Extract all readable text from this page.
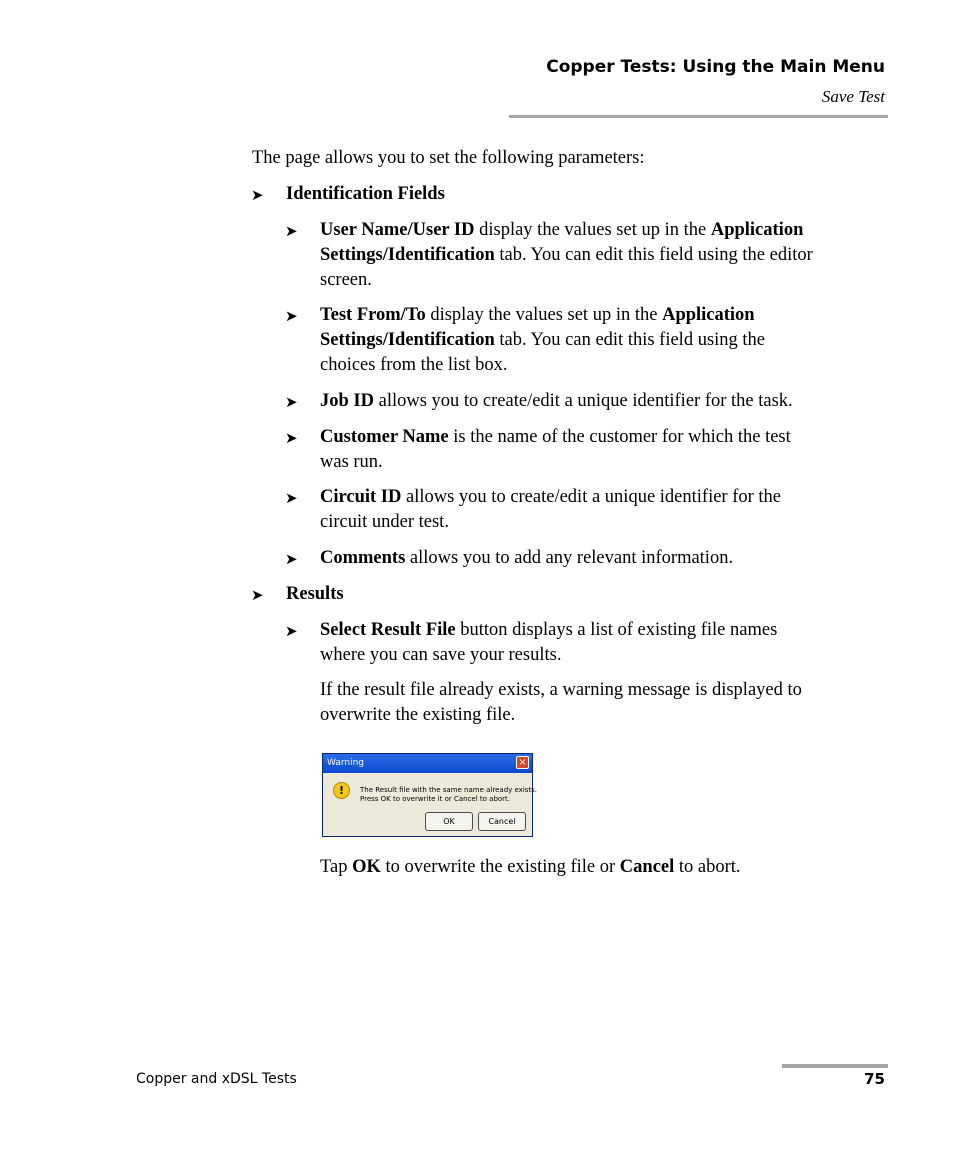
Copper Tests: Using the Main Menu
Save Test
The page allows you to set the following parameters:
➤ Identification Fields
➤ User Name/User ID display the values set up in the Application
Settings/Identification tab. You can edit this field using the editor
screen.
➤ Test From/To display the values set up in the Application
Settings/Identification tab. You can edit this field using the
choices from the list box.
➤ Job ID allows you to create/edit a unique identifier for the task.
➤ Customer Name is the name of the customer for which the test
was run.
➤ Circuit ID allows you to create/edit a unique identifier for the
circuit under test.
➤ Comments allows you to add any relevant information.
➤ Results
➤ Select Result File button displays a list of existing file names
where you can save your results.
If the result file already exists, a warning message is displayed to
overwrite the existing file.
Warning	×
!	The Result file with the same name already exists.
Press OK to overwrite it or Cancel to abort.
OK	Cancel
Tap OK to overwrite the existing file or Cancel to abort.
Copper and xDSL Tests	75
